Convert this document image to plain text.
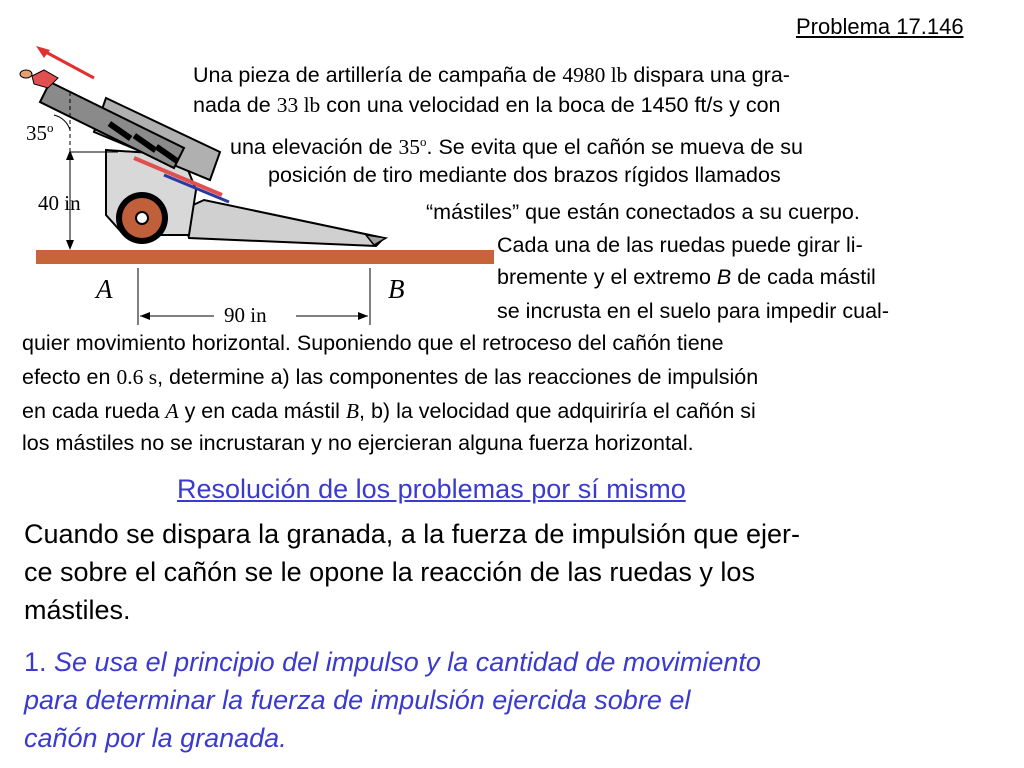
Problema 17.146
35$^o$
40 in
90 in
A	B
Una pieza de artillería de campaña de 4980 lb dispara una gra-
nada de 33 lb con una velocidad en la boca de 1450 ft/s y con
una elevación de 35$^o$. Se evita que el cañón se mueva de su
posición de tiro mediante dos brazos rígidos llamados
“mástiles” que están conectados a su cuerpo.
Cada una de las ruedas puede girar li-
bremente y el extremo B de cada mástil
se incrusta en el suelo para impedir cual-
quier movimiento horizontal. Suponiendo que el retroceso del cañón tiene
efecto en 0.6 s, determine a) las componentes de las reacciones de impulsión
en cada rueda A y en cada mástil B, b) la velocidad que adquiriría el cañón si
los mástiles no se incrustaran y no ejercieran alguna fuerza horizontal.
Resolución de los problemas por sí mismo
Cuando se dispara la granada, a la fuerza de impulsión que ejer-
ce sobre el cañón se le opone la reacción de las ruedas y los
mástiles.
1. Se usa el principio del impulso y la cantidad de movimiento
para determinar la fuerza de impulsión ejercida sobre el
cañón por la granada.
